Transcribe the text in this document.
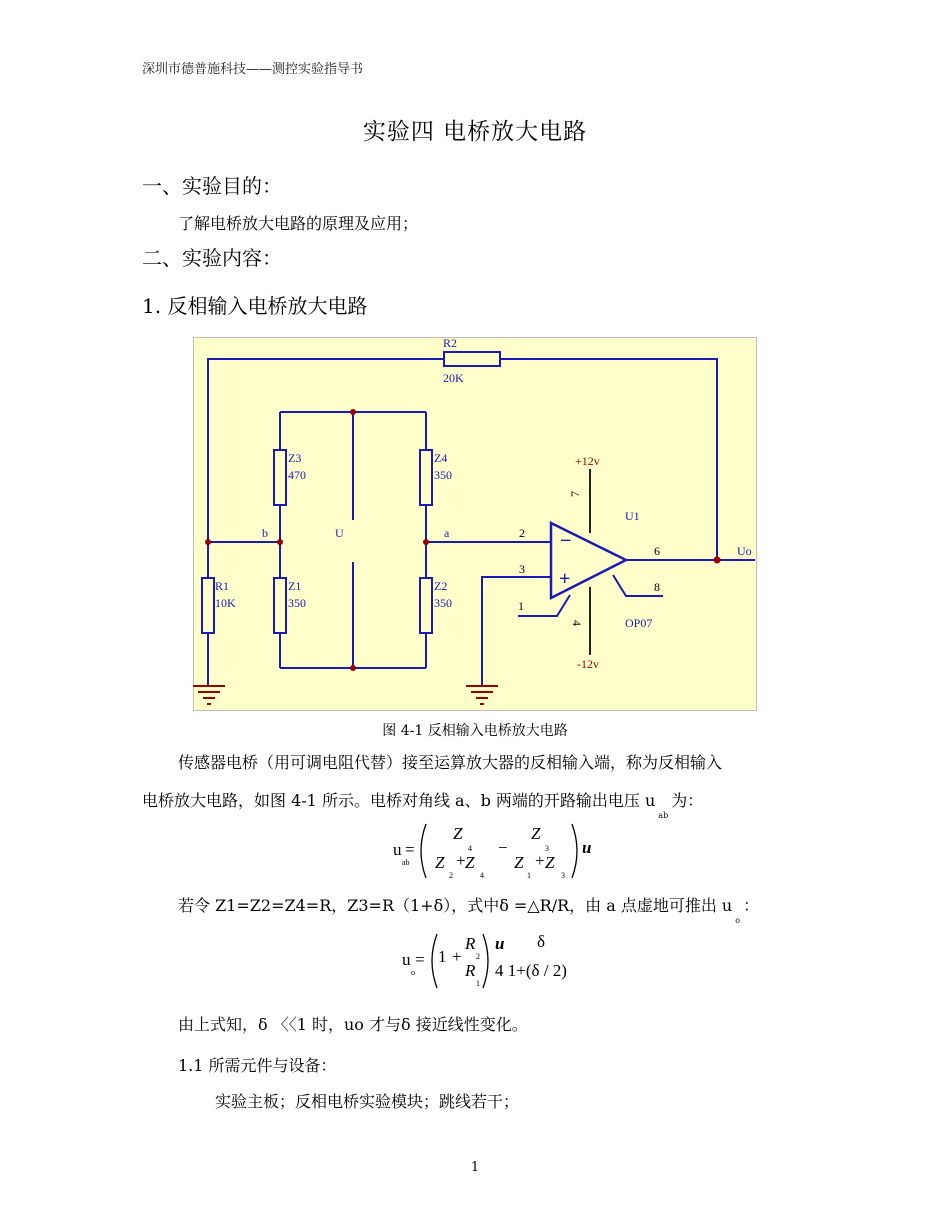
深圳市德普施科技——测控实验指导书
实验四 电桥放大电路
一、实验目的：
了解电桥放大电路的原理及应用；
二、实验内容：
1. 反相输入电桥放大电路
R2
20K
Z3
470
Z4
350
Z1
350
Z2
350
R1
10K
b	U	a
U1
OP07
Uo
−
+
2
3
1
6
8
7
4
+12v
-12v
图 4-1 反相输入电桥放大电路
传感器电桥（用可调电阻代替）接至运算放大器的反相输入端，称为反相输入
电桥放大电路，如图 4-1 所示。电桥对角线 a、b 两端的开路输出电压 $u_{ab}$为：
u
ab
=
Z
4
Z
2
+ Z
4
−
Z
3
Z
1
+ Z
3
u
若令 Z1=Z2=Z4=R，Z3=R（1+δ），式中δ =△R/R，由 a 点虚地可推出 $u_o$：
u
o
= 1 +
R
2
R
1
u δ
4 1+(δ / 2)
由上式知，δ 〈〈1 时，uo 才与δ 接近线性变化。
1.1 所需元件与设备：
实验主板；反相电桥实验模块；跳线若干；
1
